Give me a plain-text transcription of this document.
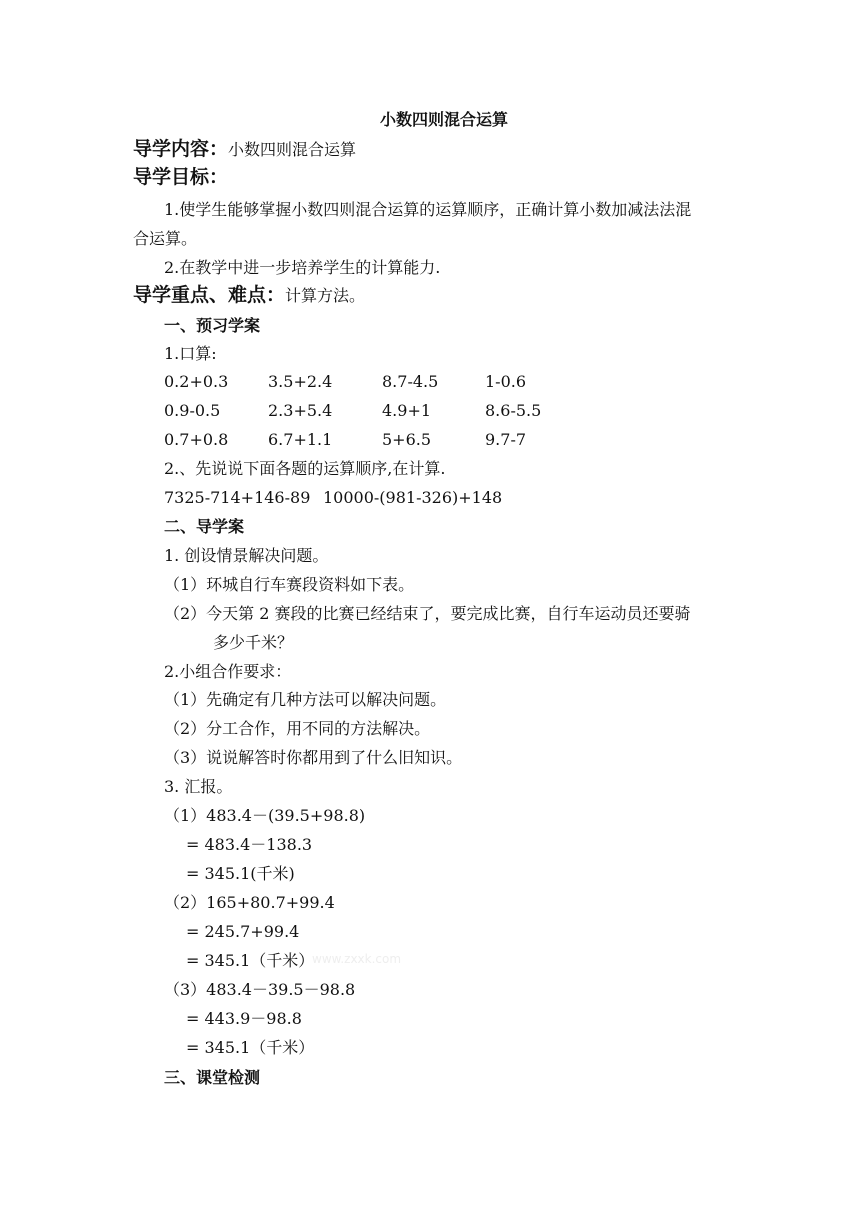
小数四则混合运算
导学内容：小数四则混合运算
导学目标：
1.使学生能够掌握小数四则混合运算的运算顺序，正确计算小数加减法法混
合运算。
2.在教学中进一步培养学生的计算能力.
导学重点、难点：计算方法。
一、预习学案
1.口算:
0.2+0.3 3.5+2.4	8.7-4.5	1-0.6
0.9-0.5	2.3+5.4	4.9+1	8.6-5.5
0.7+0.8 6.7+1.1	5+6.5	9.7-7
2.、先说说下面各题的运算顺序,在计算.
7325-714+146-89 10000-(981-326)+148
二、导学案
1. 创设情景解决问题。
（1）环城自行车赛段资料如下表。
（2）今天第 2 赛段的比赛已经结束了，要完成比赛，自行车运动员还要骑
多少千米？
2.小组合作要求：
（1）先确定有几种方法可以解决问题。
（2）分工合作，用不同的方法解决。
（3）说说解答时你都用到了什么旧知识。
3. 汇报。
（1）483.4－(39.5+98.8)
= 483.4－138.3
= 345.1(千米)
（2）165+80.7+99.4
= 245.7+99.4
= 345.1（千米）
www.zxxk.com
（3）483.4－39.5－98.8
= 443.9－98.8
= 345.1（千米）
三、课堂检测
